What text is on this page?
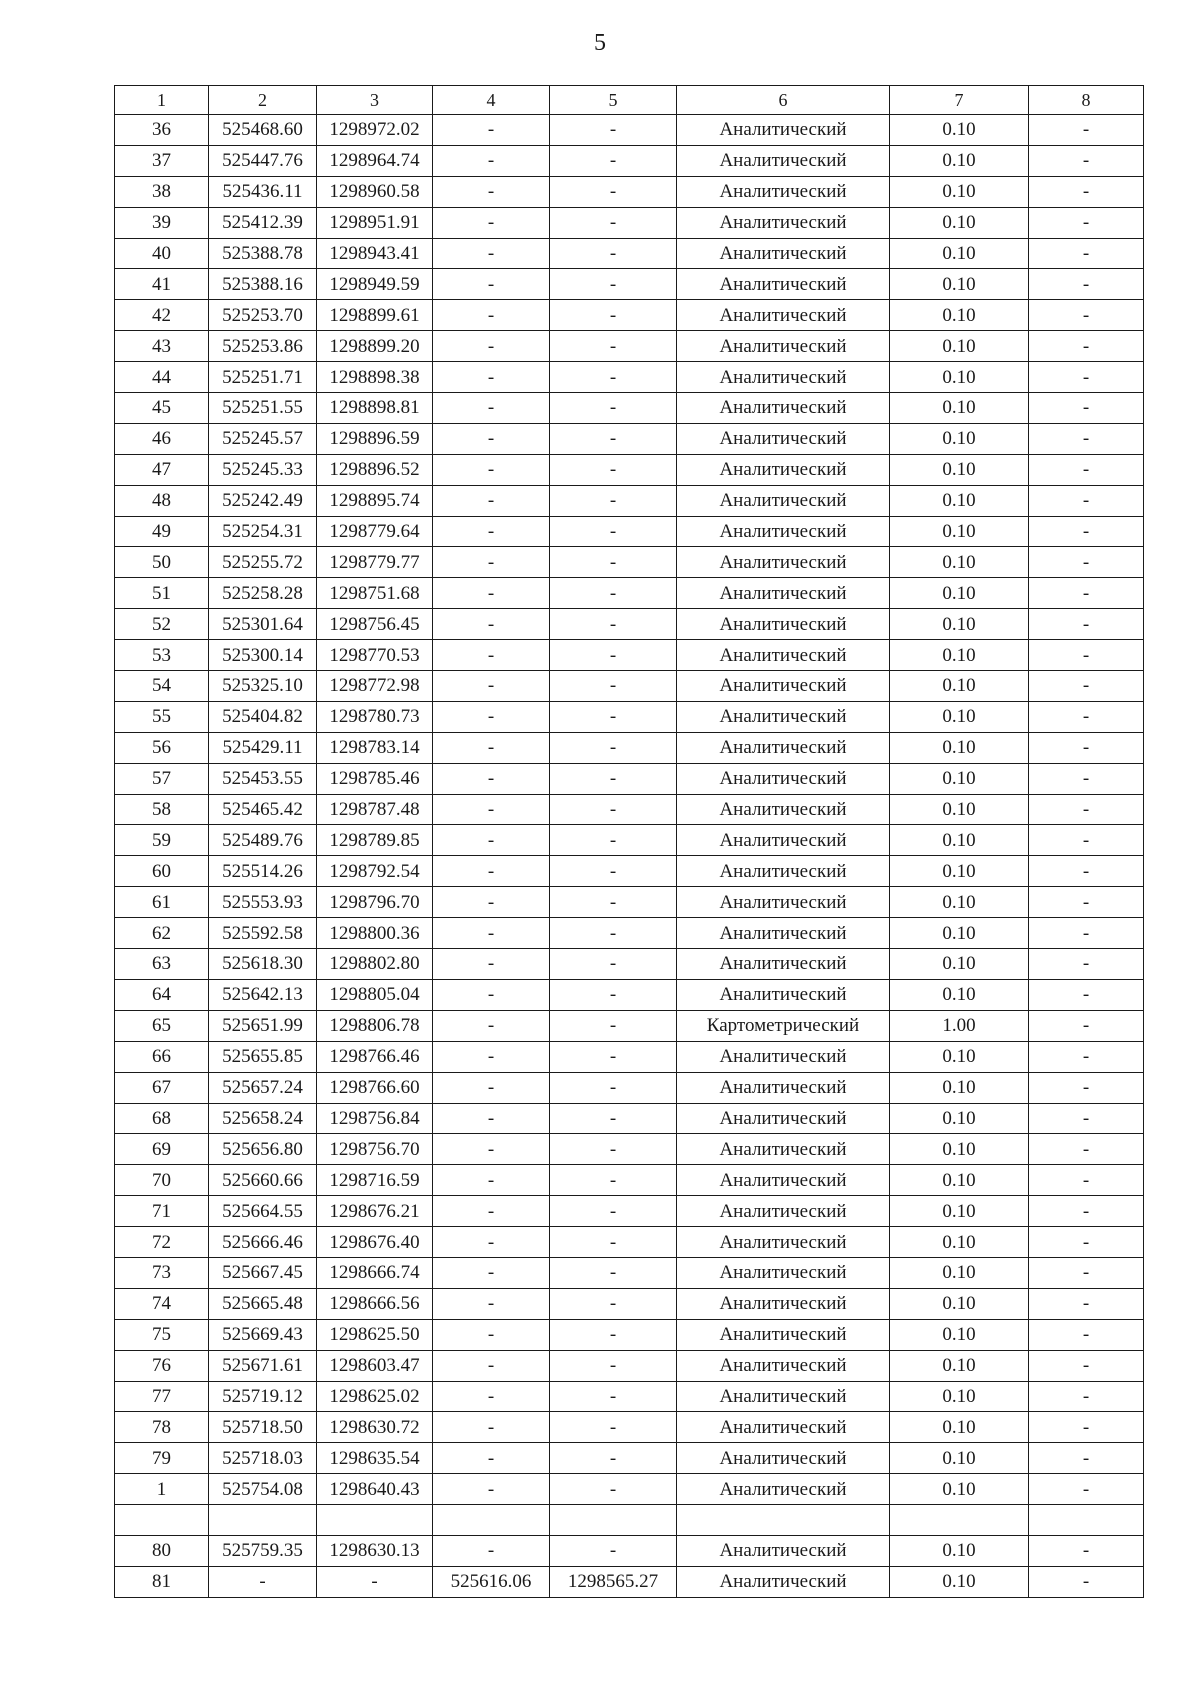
5
1	2	3	4	5	6	7	8
36	525468.60	1298972.02	-	-	Аналитический	0.10	-
37	525447.76	1298964.74	-	-	Аналитический	0.10	-
38	525436.11	1298960.58	-	-	Аналитический	0.10	-
39	525412.39	1298951.91	-	-	Аналитический	0.10	-
40	525388.78	1298943.41	-	-	Аналитический	0.10	-
41	525388.16	1298949.59	-	-	Аналитический	0.10	-
42	525253.70	1298899.61	-	-	Аналитический	0.10	-
43	525253.86	1298899.20	-	-	Аналитический	0.10	-
44	525251.71	1298898.38	-	-	Аналитический	0.10	-
45	525251.55	1298898.81	-	-	Аналитический	0.10	-
46	525245.57	1298896.59	-	-	Аналитический	0.10	-
47	525245.33	1298896.52	-	-	Аналитический	0.10	-
48	525242.49	1298895.74	-	-	Аналитический	0.10	-
49	525254.31	1298779.64	-	-	Аналитический	0.10	-
50	525255.72	1298779.77	-	-	Аналитический	0.10	-
51	525258.28	1298751.68	-	-	Аналитический	0.10	-
52	525301.64	1298756.45	-	-	Аналитический	0.10	-
53	525300.14	1298770.53	-	-	Аналитический	0.10	-
54	525325.10	1298772.98	-	-	Аналитический	0.10	-
55	525404.82	1298780.73	-	-	Аналитический	0.10	-
56	525429.11	1298783.14	-	-	Аналитический	0.10	-
57	525453.55	1298785.46	-	-	Аналитический	0.10	-
58	525465.42	1298787.48	-	-	Аналитический	0.10	-
59	525489.76	1298789.85	-	-	Аналитический	0.10	-
60	525514.26	1298792.54	-	-	Аналитический	0.10	-
61	525553.93	1298796.70	-	-	Аналитический	0.10	-
62	525592.58	1298800.36	-	-	Аналитический	0.10	-
63	525618.30	1298802.80	-	-	Аналитический	0.10	-
64	525642.13	1298805.04	-	-	Аналитический	0.10	-
65	525651.99	1298806.78	-	-	Картометрический	1.00	-
66	525655.85	1298766.46	-	-	Аналитический	0.10	-
67	525657.24	1298766.60	-	-	Аналитический	0.10	-
68	525658.24	1298756.84	-	-	Аналитический	0.10	-
69	525656.80	1298756.70	-	-	Аналитический	0.10	-
70	525660.66	1298716.59	-	-	Аналитический	0.10	-
71	525664.55	1298676.21	-	-	Аналитический	0.10	-
72	525666.46	1298676.40	-	-	Аналитический	0.10	-
73	525667.45	1298666.74	-	-	Аналитический	0.10	-
74	525665.48	1298666.56	-	-	Аналитический	0.10	-
75	525669.43	1298625.50	-	-	Аналитический	0.10	-
76	525671.61	1298603.47	-	-	Аналитический	0.10	-
77	525719.12	1298625.02	-	-	Аналитический	0.10	-
78	525718.50	1298630.72	-	-	Аналитический	0.10	-
79	525718.03	1298635.54	-	-	Аналитический	0.10	-
1	525754.08	1298640.43	-	-	Аналитический	0.10	-

80	525759.35	1298630.13	-	-	Аналитический	0.10	-
81	-	-	525616.06	1298565.27	Аналитический	0.10	-
